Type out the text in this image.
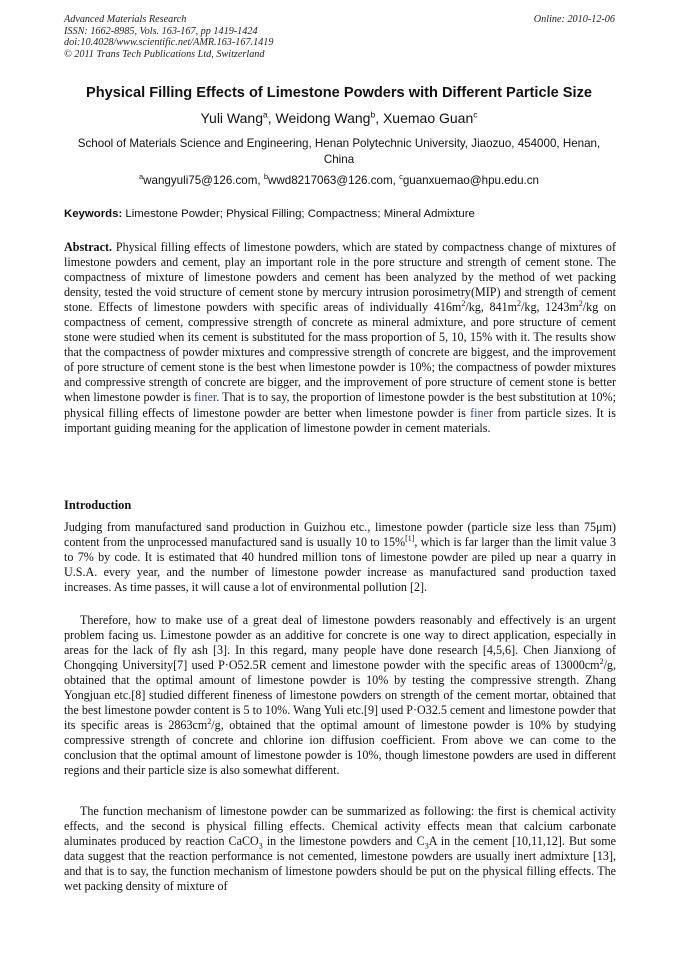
Advanced Materials Research
ISSN: 1662-8985, Vols. 163-167, pp 1419-1424
doi:10.4028/www.scientific.net/AMR.163-167.1419
© 2011 Trans Tech Publications Ltd, Switzerland
Online: 2010-12-06
Physical Filling Effects of Limestone Powders with Different Particle Size
Yuli Wang$^a$, Weidong Wang$^b$, Xuemao Guan$^c$
School of Materials Science and Engineering, Henan Polytechnic University, Jiaozuo, 454000, Henan, China
$^a$wangyuli75@126.com, $^b$wwd8217063@126.com, $^c$guanxuemao@hpu.edu.cn
Keywords: Limestone Powder; Physical Filling; Compactness; Mineral Admixture
Abstract. Physical filling effects of limestone powders, which are stated by compactness change of mixtures of limestone powders and cement, play an important role in the pore structure and strength of cement stone. The compactness of mixture of limestone powders and cement has been analyzed by the method of wet packing density, tested the void structure of cement stone by mercury intrusion porosimetry(MIP) and strength of cement stone. Effects of limestone powders with specific areas of individually $416m^2/kg$, $841m^2/kg$, $1243m^2/kg$ on compactness of cement, compressive strength of concrete as mineral admixture, and pore structure of cement stone were studied when its cement is substituted for the mass proportion of 5, 10, 15% with it. The results show that the compactness of powder mixtures and compressive strength of concrete are biggest, and the improvement of pore structure of cement stone is the best when limestone powder is 10%; the compactness of powder mixtures and compressive strength of concrete are bigger, and the improvement of pore structure of cement stone is better when limestone powder is finer. That is to say, the proportion of limestone powder is the best substitution at 10%; physical filling effects of limestone powder are better when limestone powder is finer from particle sizes. It is important guiding meaning for the application of limestone powder in cement materials.
Introduction
Judging from manufactured sand production in Guizhou etc., limestone powder (particle size less than 75μm) content from the unprocessed manufactured sand is usually 10 to 15%[1], which is far larger than the limit value 3 to 7% by code. It is estimated that 40 hundred million tons of limestone powder are piled up near a quarry in U.S.A. every year, and the number of limestone powder increase as manufactured sand production taxed increases. As time passes, it will cause a lot of environmental pollution [2].
Therefore, how to make use of a great deal of limestone powders reasonably and effectively is an urgent problem facing us. Limestone powder as an additive for concrete is one way to direct application, especially in areas for the lack of fly ash [3]. In this regard, many people have done research [4,5,6]. Chen Jianxiong of Chongqing University[7] used P·O52.5R cement and limestone powder with the specific areas of $13000cm^2/g$, obtained that the optimal amount of limestone powder is 10% by testing the compressive strength. Zhang Yongjuan etc.[8] studied different fineness of limestone powders on strength of the cement mortar, obtained that the best limestone powder content is 5 to 10%. Wang Yuli etc.[9] used P·O32.5 cement and limestone powder that its specific areas is $2863cm^2/g$, obtained that the optimal amount of limestone powder is 10% by studying compressive strength of concrete and chlorine ion diffusion coefficient. From above we can come to the conclusion that the optimal amount of limestone powder is 10%, though limestone powders are used in different regions and their particle size is also somewhat different.
The function mechanism of limestone powder can be summarized as following: the first is chemical activity effects, and the second is physical filling effects. Chemical activity effects mean that calcium carbonate aluminates produced by reaction CaCO$_3$ in the limestone powders and $C_3A$ in the cement [10,11,12]. But some data suggest that the reaction performance is not cemented, limestone powders are usually inert admixture [13], and that is to say, the function mechanism of limestone powders should be put on the physical filling effects. The wet packing density of mixture of
